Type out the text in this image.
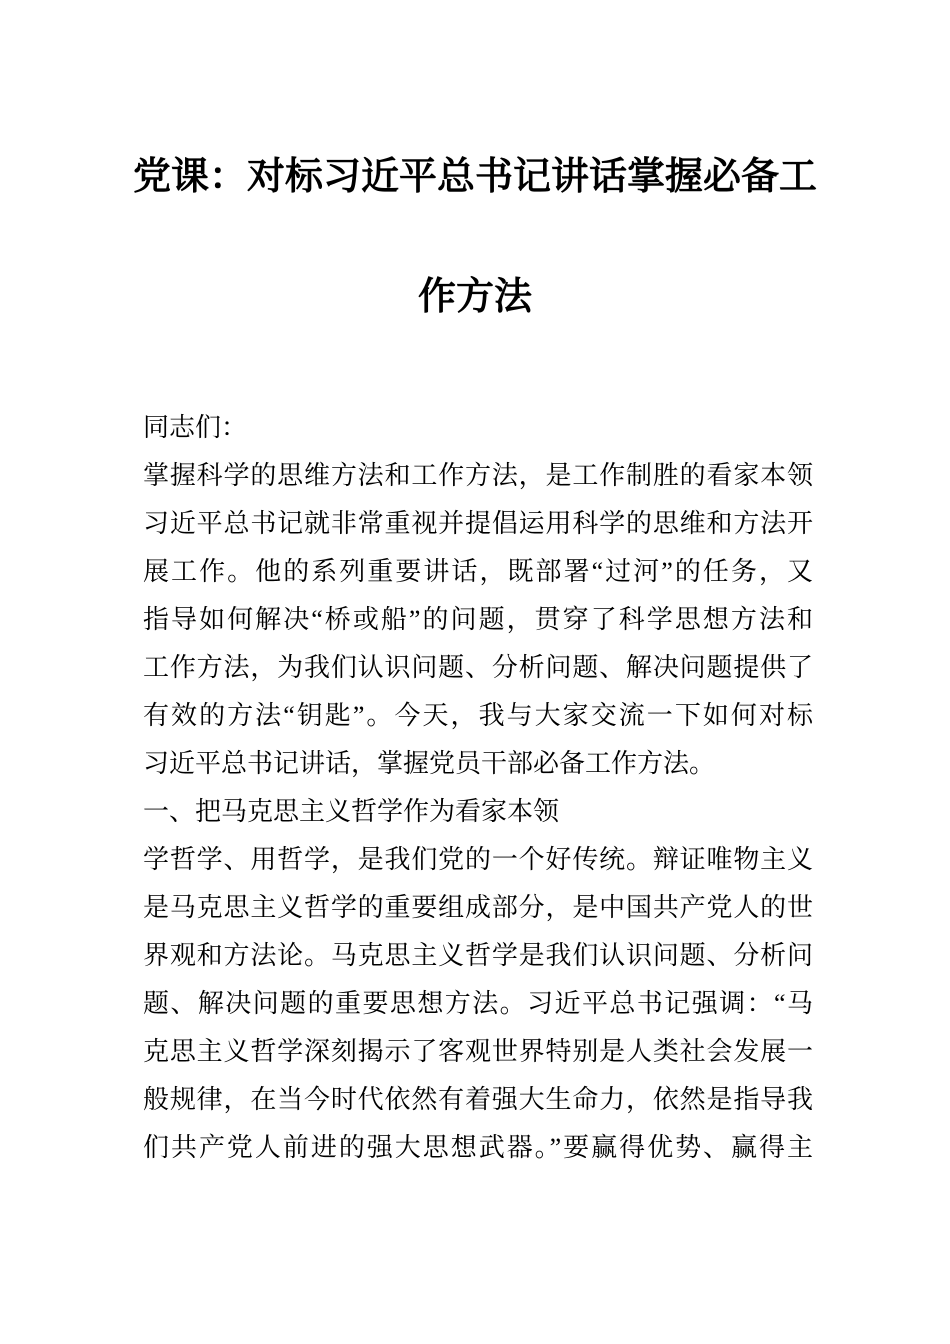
党课：对标习近平总书记讲话掌握必备工
作方法
同志们：
掌握科学的思维方法和工作方法，是工作制胜的看家本领
习近平总书记就非常重视并提倡运用科学的思维和方法开
展工作。他的系列重要讲话，既部署“过河”的任务，又
指导如何解决“桥或船”的问题，贯穿了科学思想方法和
工作方法，为我们认识问题、分析问题、解决问题提供了
有效的方法“钥匙”。今天，我与大家交流一下如何对标
习近平总书记讲话，掌握党员干部必备工作方法。
一、把马克思主义哲学作为看家本领
学哲学、用哲学，是我们党的一个好传统。辩证唯物主义
是马克思主义哲学的重要组成部分，是中国共产党人的世
界观和方法论。马克思主义哲学是我们认识问题、分析问
题、解决问题的重要思想方法。习近平总书记强调：“马
克思主义哲学深刻揭示了客观世界特别是人类社会发展一
般规律，在当今时代依然有着强大生命力，依然是指导我
们共产党人前进的强大思想武器。”要赢得优势、赢得主
